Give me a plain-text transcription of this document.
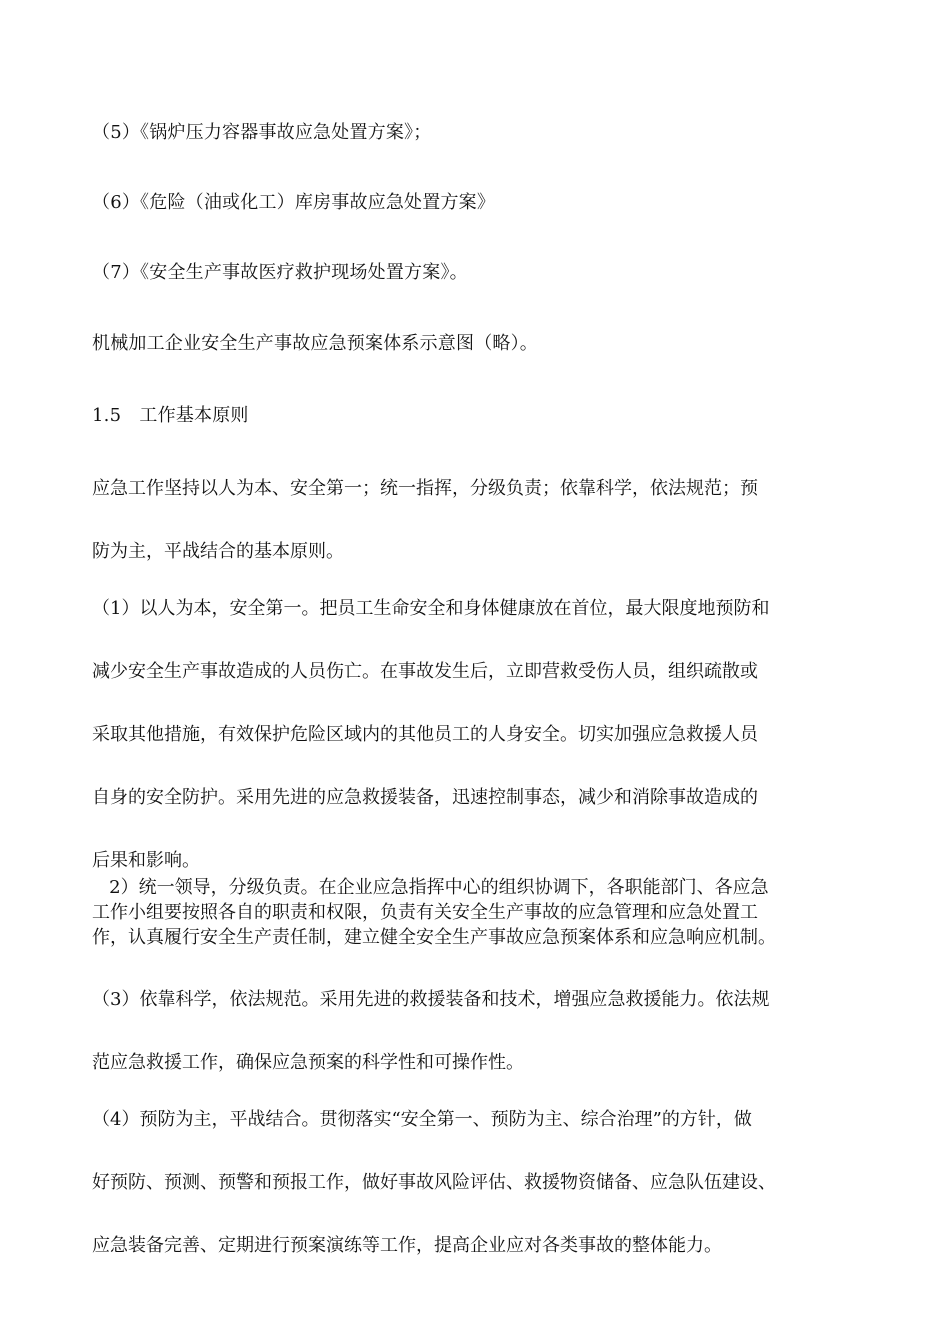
（5）《锅炉压力容器事故应急处置方案》；

（6）《危险（油或化工）库房事故应急处置方案》

（7）《安全生产事故医疗救护现场处置方案》。

机械加工企业安全生产事故应急预案体系示意图（略）。

1.5　工作基本原则

应急工作坚持以人为本、安全第一；统一指挥，分级负责；依靠科学，依法规范；预
防为主，平战结合的基本原则。
（1）以人为本，安全第一。把员工生命安全和身体健康放在首位，最大限度地预防和
减少安全生产事故造成的人员伤亡。在事故发生后，立即营救受伤人员，组织疏散或
采取其他措施，有效保护危险区域内的其他员工的人身安全。切实加强应急救援人员
自身的安全防护。采用先进的应急救援装备，迅速控制事态，减少和消除事故造成的
后果和影响。
2）统一领导，分级负责。在企业应急指挥中心的组织协调下，各职能部门、各应急
工作小组要按照各自的职责和权限，负责有关安全生产事故的应急管理和应急处置工
作，认真履行安全生产责任制，建立健全安全生产事故应急预案体系和应急响应机制。
（3）依靠科学，依法规范。采用先进的救援装备和技术，增强应急救援能力。依法规
范应急救援工作，确保应急预案的科学性和可操作性。
（4）预防为主，平战结合。贯彻落实“安全第一、预防为主、综合治理”的方针，做
好预防、预测、预警和预报工作，做好事故风险评估、救援物资储备、应急队伍建设、
应急装备完善、定期进行预案演练等工作，提高企业应对各类事故的整体能力。
